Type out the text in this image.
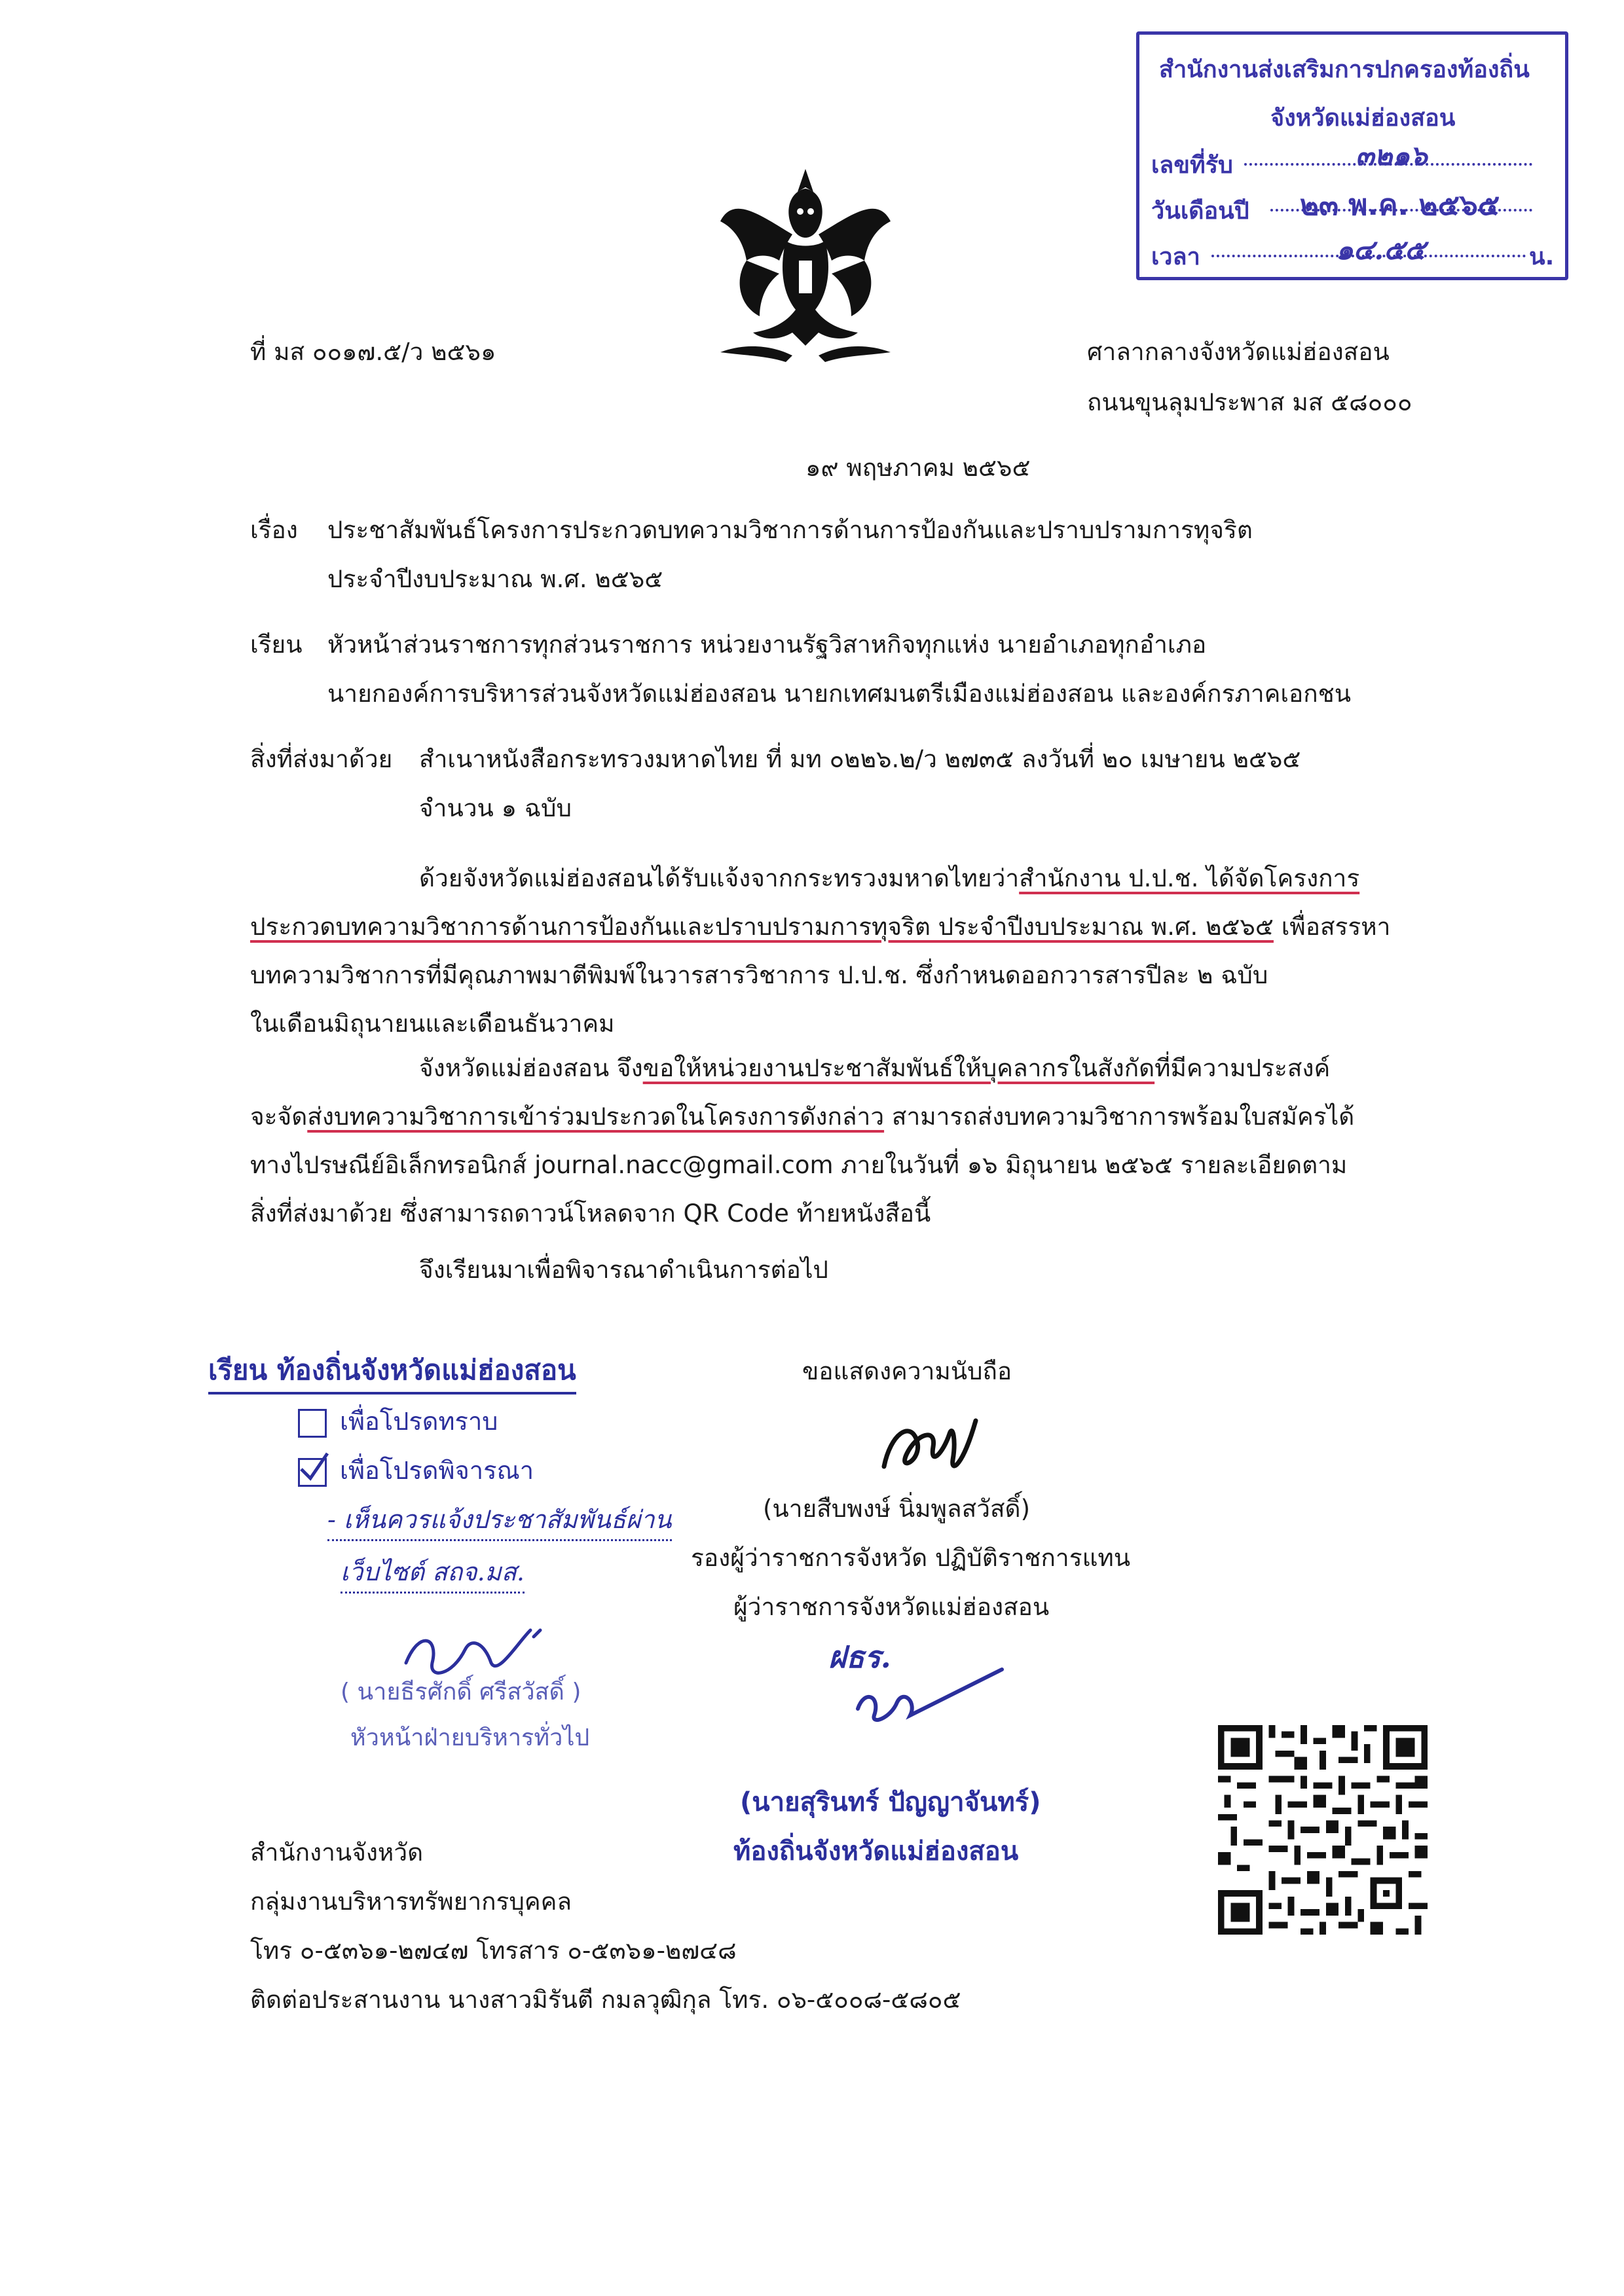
สำนักงานส่งเสริมการปกครองท้องถิ่น
จังหวัดแม่ฮ่องสอน
เลขที่รับ	๓๒๑๖
วันเดือนปี ๒๓ พ.ค. ๒๕๖๕
เวลา	๑๔.๕๕	น.
ที่ มส ๐๐๑๗.๕/ว ๒๕๖๑	ศาลากลางจังหวัดแม่ฮ่องสอน
ถนนขุนลุมประพาส มส ๕๘๐๐๐
๑๙ พฤษภาคม ๒๕๖๕
เรื่อง ประชาสัมพันธ์โครงการประกวดบทความวิชาการด้านการป้องกันและปราบปรามการทุจริต
ประจำปีงบประมาณ พ.ศ. ๒๕๖๕
เรียน หัวหน้าส่วนราชการทุกส่วนราชการ หน่วยงานรัฐวิสาหกิจทุกแห่ง นายอำเภอทุกอำเภอ
นายกองค์การบริหารส่วนจังหวัดแม่ฮ่องสอน นายกเทศมนตรีเมืองแม่ฮ่องสอน และองค์กรภาคเอกชน
สิ่งที่ส่งมาด้วย สำเนาหนังสือกระทรวงมหาดไทย ที่ มท ๐๒๒๖.๒/ว ๒๗๓๕ ลงวันที่ ๒๐ เมษายน ๒๕๖๕
จำนวน ๑ ฉบับ
ด้วยจังหวัดแม่ฮ่องสอนได้รับแจ้งจากกระทรวงมหาดไทยว่าสำนักงาน ป.ป.ช. ได้จัดโครงการ
ประกวดบทความวิชาการด้านการป้องกันและปราบปรามการทุจริต ประจำปีงบประมาณ พ.ศ. ๒๕๖๕ เพื่อสรรหา
บทความวิชาการที่มีคุณภาพมาตีพิมพ์ในวารสารวิชาการ ป.ป.ช. ซึ่งกำหนดออกวารสารปีละ ๒ ฉบับ
ในเดือนมิถุนายนและเดือนธันวาคม
จังหวัดแม่ฮ่องสอน จึงขอให้หน่วยงานประชาสัมพันธ์ให้บุคลากรในสังกัดที่มีความประสงค์
จะจัดส่งบทความวิชาการเข้าร่วมประกวดในโครงการดังกล่าว สามารถส่งบทความวิชาการพร้อมใบสมัครได้
ทางไปรษณีย์อิเล็กทรอนิกส์ journal.nacc@gmail.com ภายในวันที่ ๑๖ มิถุนายน ๒๕๖๕ รายละเอียดตาม
สิ่งที่ส่งมาด้วย ซึ่งสามารถดาวน์โหลดจาก QR Code ท้ายหนังสือนี้
จึงเรียนมาเพื่อพิจารณาดำเนินการต่อไป
ขอแสดงความนับถือ
(นายสืบพงษ์ นิ่มพูลสวัสดิ์)
รองผู้ว่าราชการจังหวัด ปฏิบัติราชการแทน
ผู้ว่าราชการจังหวัดแม่ฮ่องสอน
เรียน ท้องถิ่นจังหวัดแม่ฮ่องสอน
เพื่อโปรดทราบ
เพื่อโปรดพิจารณา
- เห็นควรแจ้งประชาสัมพันธ์ผ่าน
เว็บไซต์ สถจ.มส.
( นายธีรศักดิ์ ศรีสวัสดิ์ )
หัวหน้าฝ่ายบริหารทั่วไป
ฝธร.
(นายสุรินทร์ ปัญญาจันทร์)
ท้องถิ่นจังหวัดแม่ฮ่องสอน
สำนักงานจังหวัด
กลุ่มงานบริหารทรัพยากรบุคคล
โทร ๐-๕๓๖๑-๒๗๔๗ โทรสาร ๐-๕๓๖๑-๒๗๔๘
ติดต่อประสานงาน นางสาวมิรันตี กมลวุฒิกุล โทร. ๐๖-๕๐๐๘-๕๘๐๕
